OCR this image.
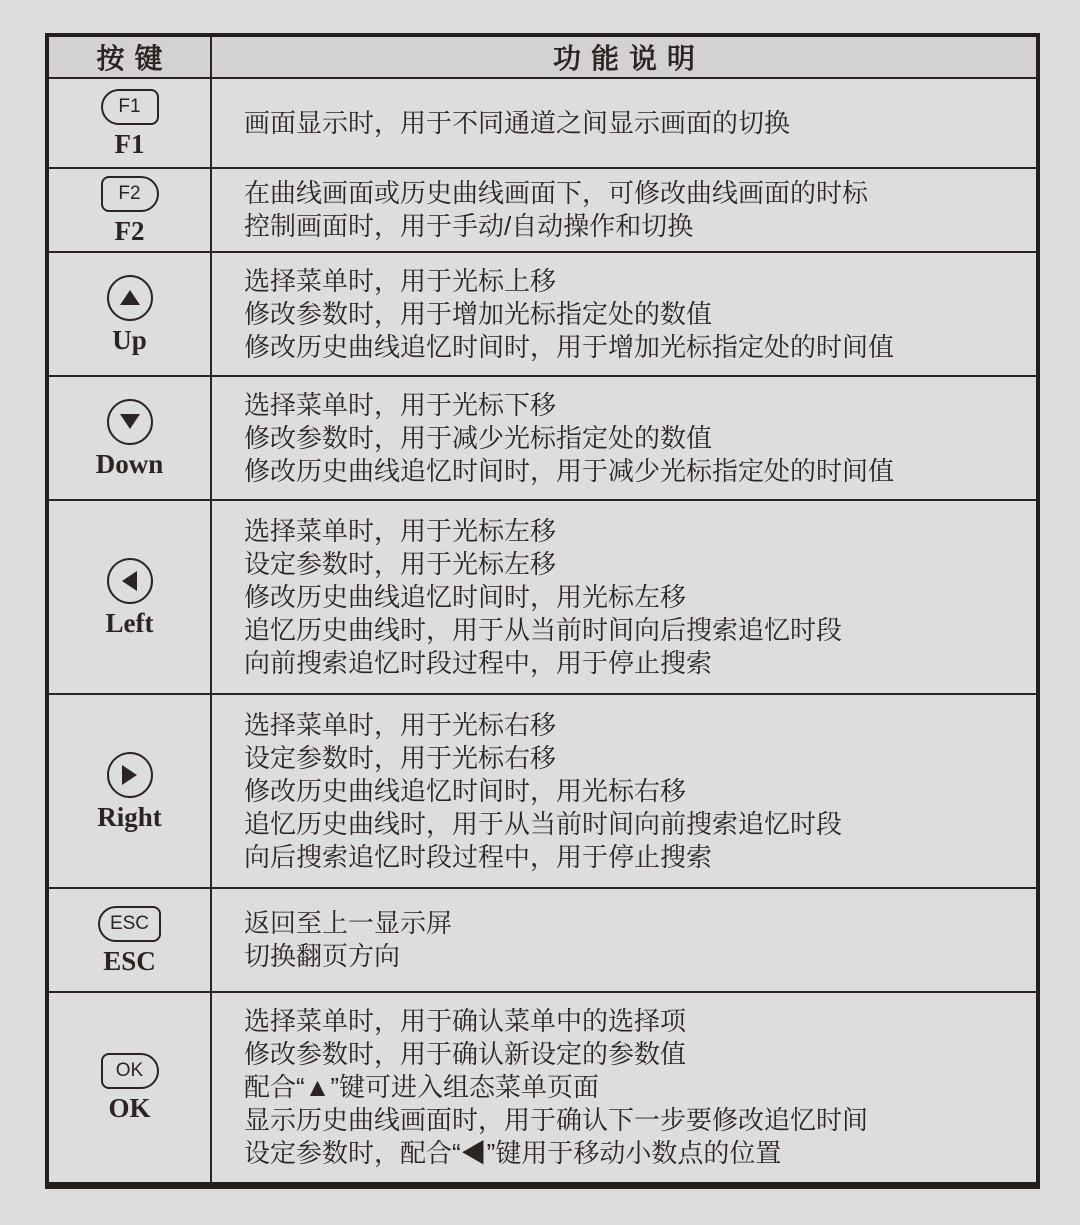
按键	功能说明
F1
F1
画面显示时，用于不同通道之间显示画面的切换
F2
F2
在曲线画面或历史曲线画面下，可修改曲线画面的时标
控制画面时，用于手动/自动操作和切换
Up
选择菜单时，用于光标上移
修改参数时，用于增加光标指定处的数值
修改历史曲线追忆时间时，用于增加光标指定处的时间值
Down
选择菜单时，用于光标下移
修改参数时，用于减少光标指定处的数值
修改历史曲线追忆时间时，用于减少光标指定处的时间值
Left
选择菜单时，用于光标左移
设定参数时，用于光标左移
修改历史曲线追忆时间时，用光标左移
追忆历史曲线时，用于从当前时间向后搜索追忆时段
向前搜索追忆时段过程中，用于停止搜索
Right
选择菜单时，用于光标右移
设定参数时，用于光标右移
修改历史曲线追忆时间时，用光标右移
追忆历史曲线时，用于从当前时间向前搜索追忆时段
向后搜索追忆时段过程中，用于停止搜索
ESC
ESC
返回至上一显示屏
切换翻页方向
OK
OK
选择菜单时，用于确认菜单中的选择项
修改参数时，用于确认新设定的参数值
配合“▲”键可进入组态菜单页面
显示历史曲线画面时，用于确认下一步要修改追忆时间
设定参数时，配合“◀”键用于移动小数点的位置
